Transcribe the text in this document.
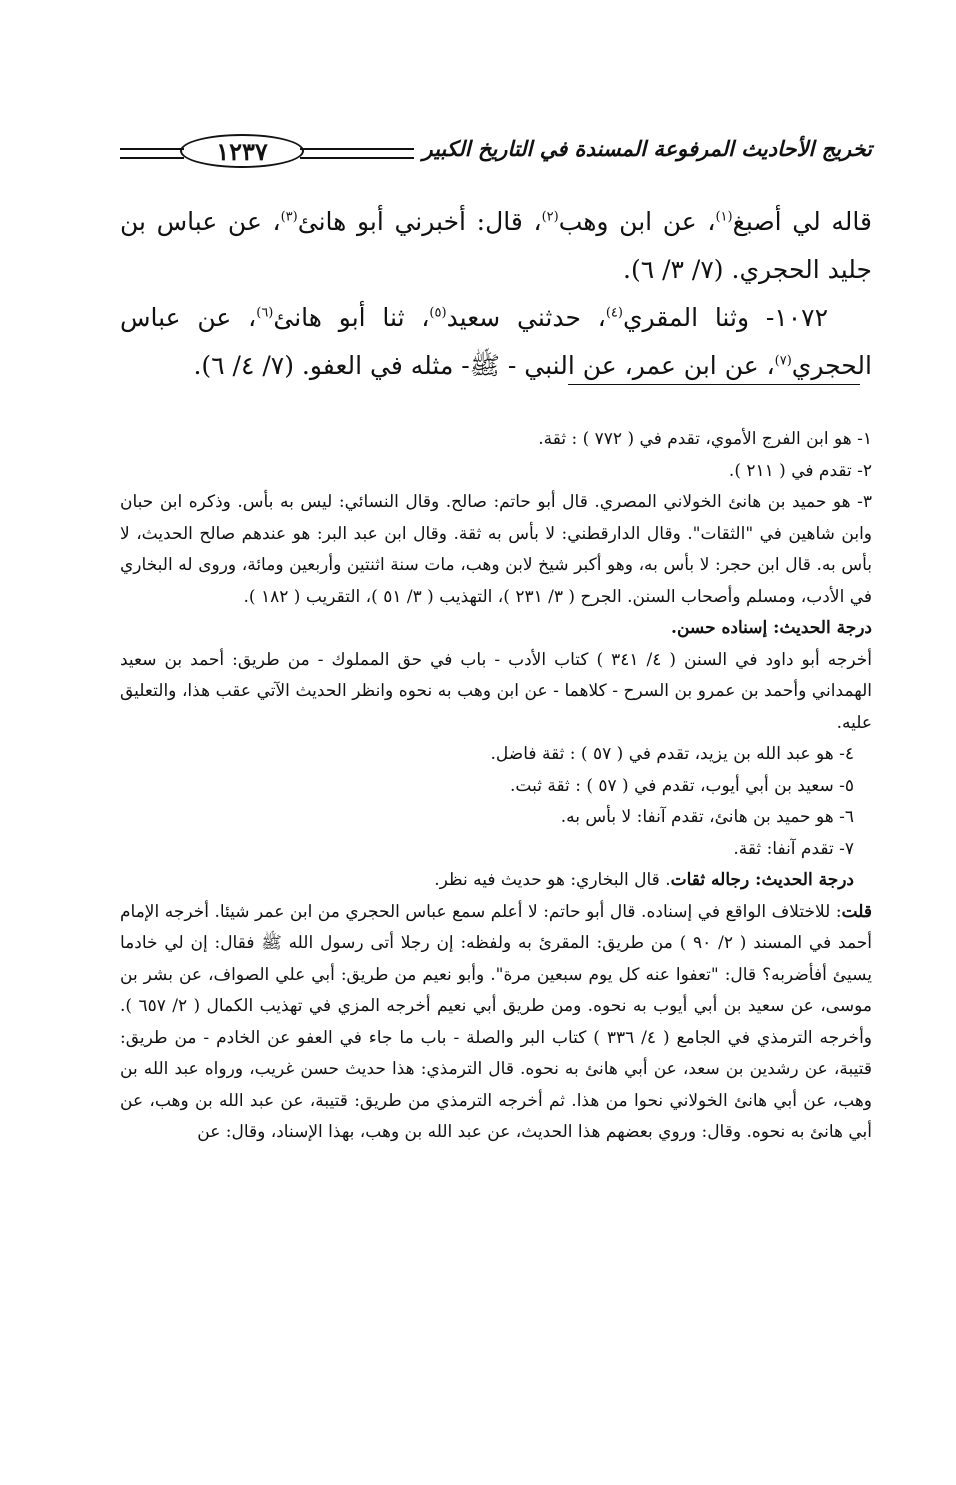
١٢٣٧	تخريج الأحاديث المرفوعة المسندة في التاريخ الكبير

قاله لي أصبغ$^{(١)}$، عن ابن وهب$^{(٢)}$، قال: أخبرني أبو هانئ$^{(٣)}$، عن عباس بن جليد الحجري. (٧/ ٣/ ٦).

١٠٧٢- وثنا المقري$^{(٤)}$، حدثني سعيد$^{(٥)}$، ثنا أبو هانئ$^{(٦)}$، عن عباس الحجري$^{(٧)}$، عن ابن عمر، عن النبي - ﷺ- مثله في العفو. (٧/ ٤/ ٦).

١- هو ابن الفرج الأموي، تقدم في ( ٧٧٢ ) : ثقة.

٢- تقدم في ( ٢١١ ).

٣- هو حميد بن هانئ الخولاني المصري. قال أبو حاتم: صالح. وقال النسائي: ليس به بأس. وذكره ابن حبان وابن شاهين في "الثقات". وقال الدارقطني: لا بأس به ثقة. وقال ابن عبد البر: هو عندهم صالح الحديث، لا بأس به. قال ابن حجر: لا بأس به، وهو أكبر شيخ لابن وهب، مات سنة اثنتين وأربعين ومائة، وروى له البخاري في الأدب، ومسلم وأصحاب السنن. الجرح ( ٣/ ٢٣١ )، التهذيب ( ٣/ ٥١ )، التقريب ( ١٨٢ ).

درجة الحديث: إسناده حسن.

أخرجه أبو داود في السنن ( ٤/ ٣٤١ ) كتاب الأدب - باب في حق المملوك - من طريق: أحمد بن سعيد الهمداني وأحمد بن عمرو بن السرح - كلاهما - عن ابن وهب به نحوه وانظر الحديث الآتي عقب هذا، والتعليق عليه.

٤- هو عبد الله بن يزيد، تقدم في ( ٥٧ ) : ثقة فاضل.

٥- سعيد بن أبي أيوب، تقدم في ( ٥٧ ) : ثقة ثبت.

٦- هو حميد بن هانئ، تقدم آنفا: لا بأس به.

٧- تقدم آنفا: ثقة.

درجة الحديث: رجاله ثقات. قال البخاري: هو حديث فيه نظر.

قلت: للاختلاف الواقع في إسناده. قال أبو حاتم: لا أعلم سمع عباس الحجري من ابن عمر شيئا. أخرجه الإمام أحمد في المسند ( ٢/ ٩٠ ) من طريق: المقرئ به ولفظه: إن رجلا أتى رسول الله ﷺ فقال: إن لي خادما يسيئ أفأضربه؟ قال: "تعفوا عنه كل يوم سبعين مرة". وأبو نعيم من طريق: أبي علي الصواف، عن بشر بن موسى، عن سعيد بن أبي أيوب به نحوه. ومن طريق أبي نعيم أخرجه المزي في تهذيب الكمال ( ٢/ ٦٥٧ ). وأخرجه الترمذي في الجامع ( ٤/ ٣٣٦ ) كتاب البر والصلة - باب ما جاء في العفو عن الخادم - من طريق: قتيبة، عن رشدين بن سعد، عن أبي هانئ به نحوه. قال الترمذي: هذا حديث حسن غريب، ورواه عبد الله بن وهب، عن أبي هانئ الخولاني نحوا من هذا. ثم أخرجه الترمذي من طريق: قتيبة، عن عبد الله بن وهب، عن أبي هانئ به نحوه. وقال: وروي بعضهم هذا الحديث، عن عبد الله بن وهب، بهذا الإسناد، وقال: عن
